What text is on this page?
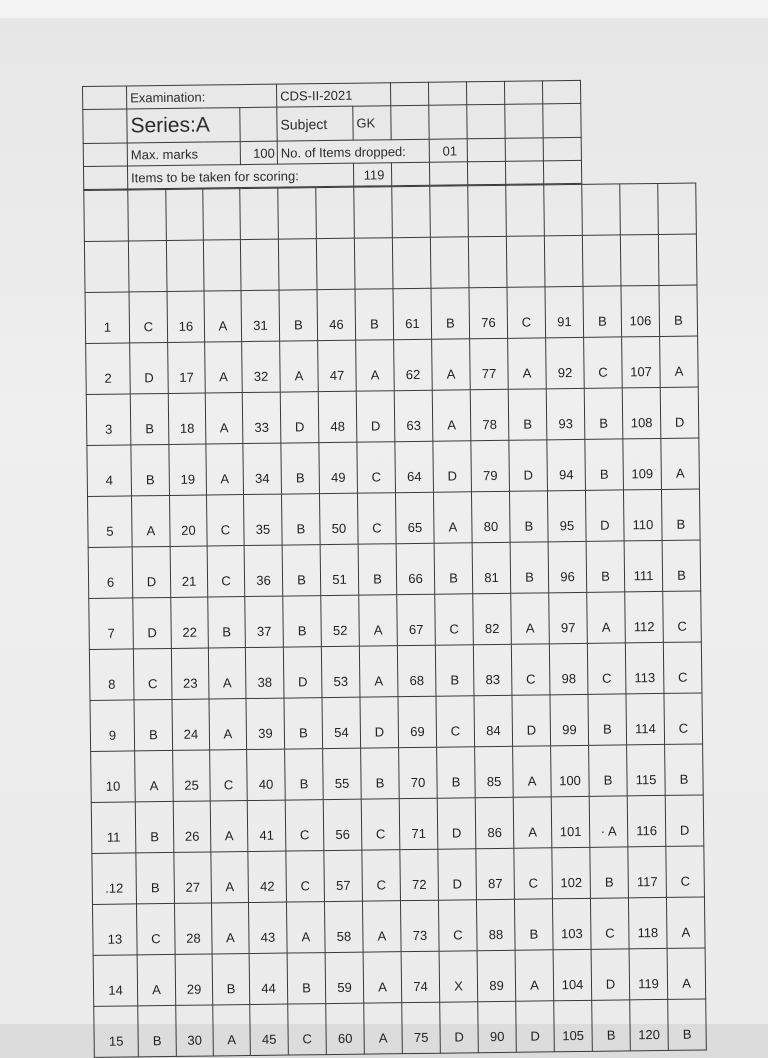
	Examination:		CDS-II-2021						
	Series:A		Subject	GK					
	Max. marks	100	No. of Items dropped:			01			
	Items to be taken for scoring:			119					

1	C	16	A	31	B	46	B	61	B	76	C	91	B	106	B
2	D	17	A	32	A	47	A	62	A	77	A	92	C	107	A
3	B	18	A	33	D	48	D	63	A	78	B	93	B	108	D
4	B	19	A	34	B	49	C	64	D	79	D	94	B	109	A
5	A	20	C	35	B	50	C	65	A	80	B	95	D	110	B
6	D	21	C	36	B	51	B	66	B	81	B	96	B	111	B
7	D	22	B	37	B	52	A	67	C	82	A	97	A	112	C
8	C	23	A	38	D	53	A	68	B	83	C	98	C	113	C
9	B	24	A	39	B	54	D	69	C	84	D	99	B	114	C
10	A	25	C	40	B	55	B	70	B	85	A	100	B	115	B
11	B	26	A	41	C	56	C	71	D	86	A	101	· A	116	D
.12	B	27	A	42	C	57	C	72	D	87	C	102	B	117	C
13	C	28	A	43	A	58	A	73	C	88	B	103	C	118	A
14	A	29	B	44	B	59	A	74	X	89	A	104	D	119	A
15	B	30	A	45	C	60	A	75	D	90	D	105	B	120	B
